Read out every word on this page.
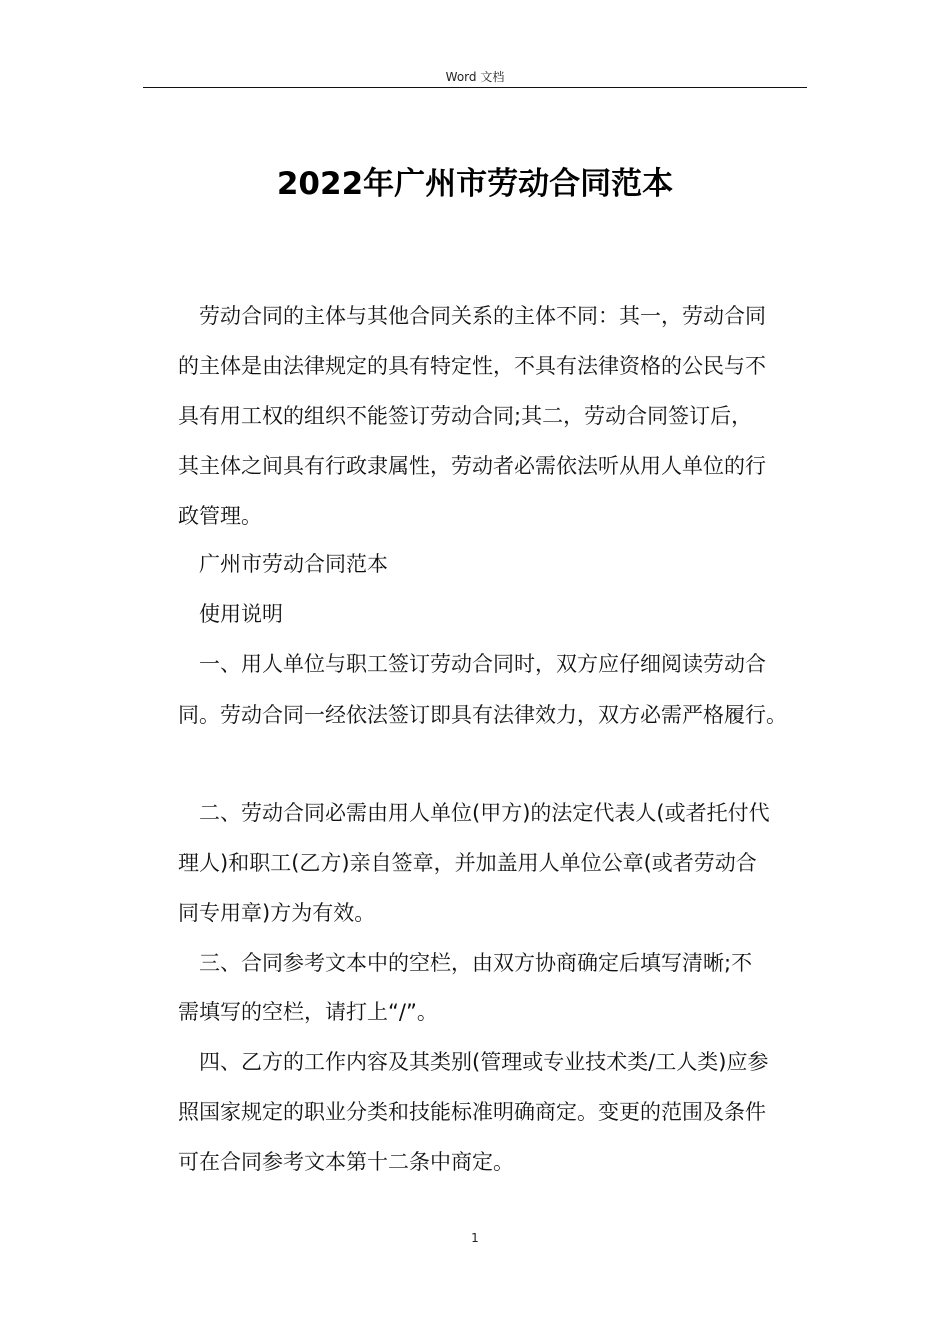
Word 文档
2022年广州市劳动合同范本
劳动合同的主体与其他合同关系的主体不同：其一，劳动合同
的主体是由法律规定的具有特定性，不具有法律资格的公民与不
具有用工权的组织不能签订劳动合同;其二，劳动合同签订后，
其主体之间具有行政隶属性，劳动者必需依法听从用人单位的行
政管理。
广州市劳动合同范本
使用说明
一、用人单位与职工签订劳动合同时，双方应仔细阅读劳动合
同。劳动合同一经依法签订即具有法律效力，双方必需严格履行。
二、劳动合同必需由用人单位(甲方)的法定代表人(或者托付代
理人)和职工(乙方)亲自签章，并加盖用人单位公章(或者劳动合
同专用章)方为有效。
三、合同参考文本中的空栏，由双方协商确定后填写清晰;不
需填写的空栏，请打上“/”。
四、乙方的工作内容及其类别(管理或专业技术类/工人类)应参
照国家规定的职业分类和技能标准明确商定。变更的范围及条件
可在合同参考文本第十二条中商定。
1
